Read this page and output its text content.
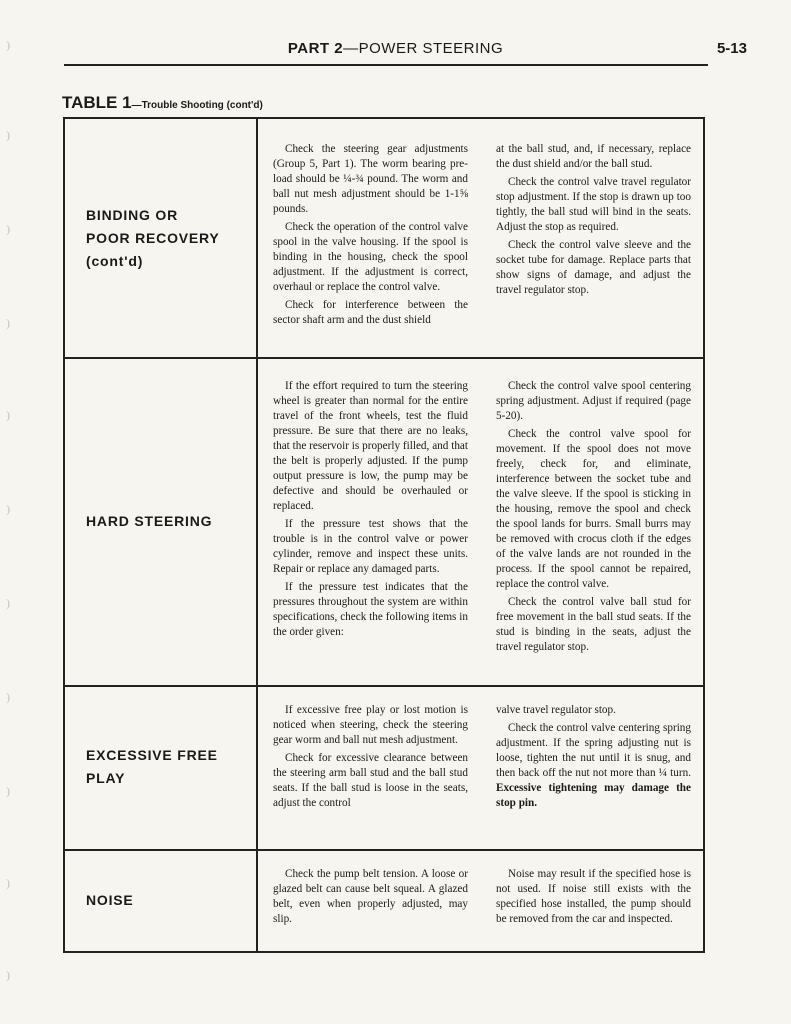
PART 2—POWER STEERING	5-13
TABLE 1—Trouble Shooting (cont'd)
)
)
)
)
)
)
)
)
)
)
)
BINDING OR
POOR RECOVERY
(cont'd)

Check the steering gear adjustments (Group 5, Part 1). The worm bearing pre-load should be ¼-¾ pound. The worm and ball nut mesh adjustment should be 1-1⅝ pounds.

Check the operation of the control valve spool in the valve housing. If the spool is binding in the housing, check the spool adjustment. If the adjustment is correct, overhaul or replace the control valve.

Check for interference between the sector shaft arm and the dust shield

at the ball stud, and, if necessary, replace the dust shield and/or the ball stud.

Check the control valve travel regulator stop adjustment. If the stop is drawn up too tightly, the ball stud will bind in the seats. Adjust the stop as required.

Check the control valve sleeve and the socket tube for damage. Replace parts that show signs of damage, and adjust the travel regulator stop.

HARD STEERING

If the effort required to turn the steering wheel is greater than normal for the entire travel of the front wheels, test the fluid pressure. Be sure that there are no leaks, that the reservoir is properly filled, and that the belt is properly adjusted. If the pump output pressure is low, the pump may be defective and should be overhauled or replaced.

If the pressure test shows that the trouble is in the control valve or power cylinder, remove and inspect these units. Repair or replace any damaged parts.

If the pressure test indicates that the pressures throughout the system are within specifications, check the following items in the order given:

Check the control valve spool centering spring adjustment. Adjust if required (page 5-20).

Check the control valve spool for movement. If the spool does not move freely, check for, and eliminate, interference between the socket tube and the valve sleeve. If the spool is sticking in the housing, remove the spool and check the spool lands for burrs. Small burrs may be removed with crocus cloth if the edges of the valve lands are not rounded in the process. If the spool cannot be repaired, replace the control valve.

Check the control valve ball stud for free movement in the ball stud seats. If the stud is binding in the seats, adjust the travel regulator stop.

EXCESSIVE FREE PLAY

If excessive free play or lost motion is noticed when steering, check the steering gear worm and ball nut mesh adjustment.

Check for excessive clearance between the steering arm ball stud and the ball stud seats. If the ball stud is loose in the seats, adjust the control

valve travel regulator stop.

Check the control valve centering spring adjustment. If the spring adjusting nut is loose, tighten the nut until it is snug, and then back off the nut not more than ¼ turn. Excessive tightening may damage the stop pin.

NOISE

Check the pump belt tension. A loose or glazed belt can cause belt squeal. A glazed belt, even when properly adjusted, may slip.

Noise may result if the specified hose is not used. If noise still exists with the specified hose installed, the pump should be removed from the car and inspected.
